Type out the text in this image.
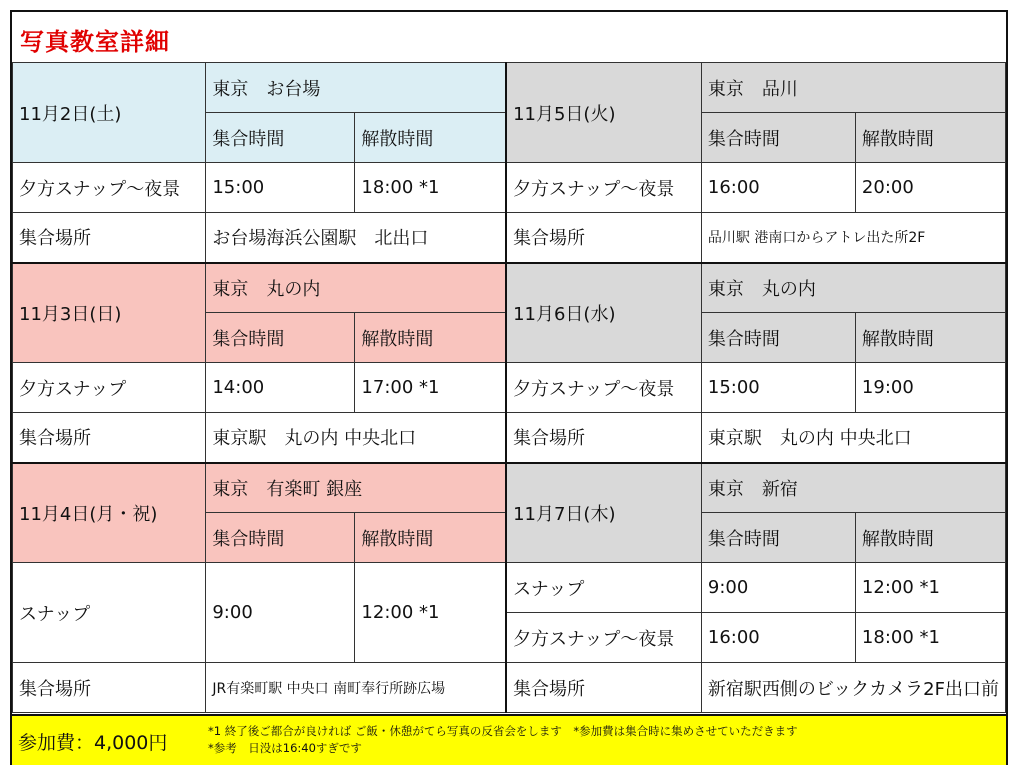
写真教室詳細
11月2日(土)	東京　お台場		11月5日(火)	東京　品川	
	集合時間	解散時間		集合時間	解散時間
夕方スナップ～夜景	15:00	18:00 *1	夕方スナップ～夜景	16:00	20:00
集合場所	お台場海浜公園駅　北出口		集合場所	品川駅 港南口からアトレ出た所2F	
11月3日(日)	東京　丸の内		11月6日(水)	東京　丸の内	
	集合時間	解散時間		集合時間	解散時間
夕方スナップ	14:00	17:00 *1	夕方スナップ～夜景	15:00	19:00
集合場所	東京駅　丸の内 中央北口		集合場所	東京駅　丸の内 中央北口	
11月4日(月・祝)	東京　有楽町 銀座		11月7日(木)	東京　新宿	
	集合時間	解散時間		集合時間	解散時間
スナップ	9:00	12:00 *1	スナップ	9:00	12:00 *1
			夕方スナップ～夜景	16:00	18:00 *1
集合場所	JR有楽町駅 中央口 南町奉行所跡広場		集合場所	新宿駅西側のビックカメラ2F出口前	
参加費：4,000円
*1 終了後ご都合が良ければ ご飯・休憩がてら写真の反省会をします　*参加費は集合時に集めさせていただきます
*参考　日没は16:40すぎです
